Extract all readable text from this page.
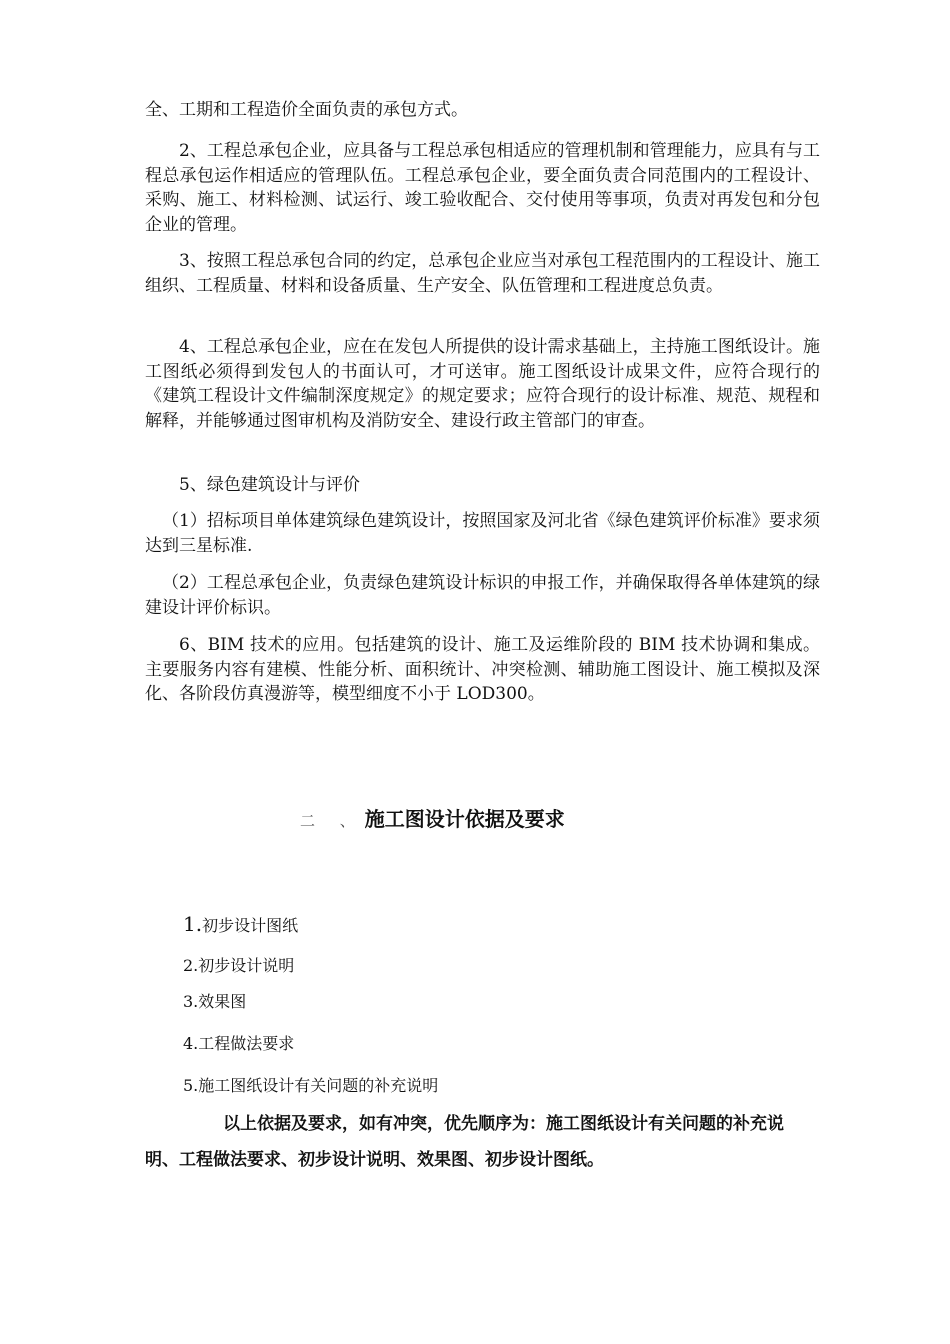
全、工期和工程造价全面负责的承包方式。

2、工程总承包企业，应具备与工程总承包相适应的管理机制和管理能力，应具有与工程总承包运作相适应的管理队伍。工程总承包企业，要全面负责合同范围内的工程设计、采购、施工、材料检测、试运行、竣工验收配合、交付使用等事项，负责对再发包和分包企业的管理。

3、按照工程总承包合同的约定，总承包企业应当对承包工程范围内的工程设计、施工组织、工程质量、材料和设备质量、生产安全、队伍管理和工程进度总负责。

4、工程总承包企业，应在在发包人所提供的设计需求基础上，主持施工图纸设计。施工图纸必须得到发包人的书面认可，才可送审。施工图纸设计成果文件，应符合现行的《建筑工程设计文件编制深度规定》的规定要求；应符合现行的设计标准、规范、规程和解释，并能够通过图审机构及消防安全、建设行政主管部门的审查。

5、绿色建筑设计与评价

（1）招标项目单体建筑绿色建筑设计，按照国家及河北省《绿色建筑评价标准》要求须达到三星标准.

（2）工程总承包企业，负责绿色建筑设计标识的申报工作，并确保取得各单体建筑的绿建设计评价标识。

6、BIM 技术的应用。包括建筑的设计、施工及运维阶段的 BIM 技术协调和集成。主要服务内容有建模、性能分析、面积统计、冲突检测、辅助施工图设计、施工模拟及深化、各阶段仿真漫游等，模型细度不小于 LOD300。

二 、施工图设计依据及要求
1.初步设计图纸
2.初步设计说明
3.效果图
4.工程做法要求
5.施工图纸设计有关问题的补充说明

以上依据及要求，如有冲突，优先顺序为：施工图纸设计有关问题的补充说明、工程做法要求、初步设计说明、效果图、初步设计图纸。
